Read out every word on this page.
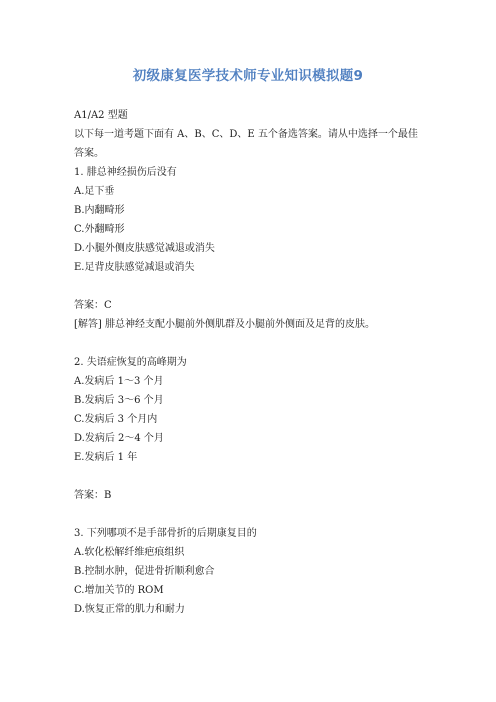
初级康复医学技术师专业知识模拟题9
A1/A2 型题
以下每一道考题下面有 A、B、C、D、E 五个备选答案。请从中选择一个最佳答案。
1. 腓总神经损伤后没有
A.足下垂
B.内翻畸形
C.外翻畸形
D.小腿外侧皮肤感觉减退或消失
E.足背皮肤感觉减退或消失
答案：C
[解答] 腓总神经支配小腿前外侧肌群及小腿前外侧面及足背的皮肤。
2. 失语症恢复的高峰期为
A.发病后 1～3 个月
B.发病后 3～6 个月
C.发病后 3 个月内
D.发病后 2～4 个月
E.发病后 1 年
答案：B
3. 下列哪项不是手部骨折的后期康复目的
A.软化松解纤维疤痕组织
B.控制水肿，促进骨折顺利愈合
C.增加关节的 ROM
D.恢复正常的肌力和耐力
